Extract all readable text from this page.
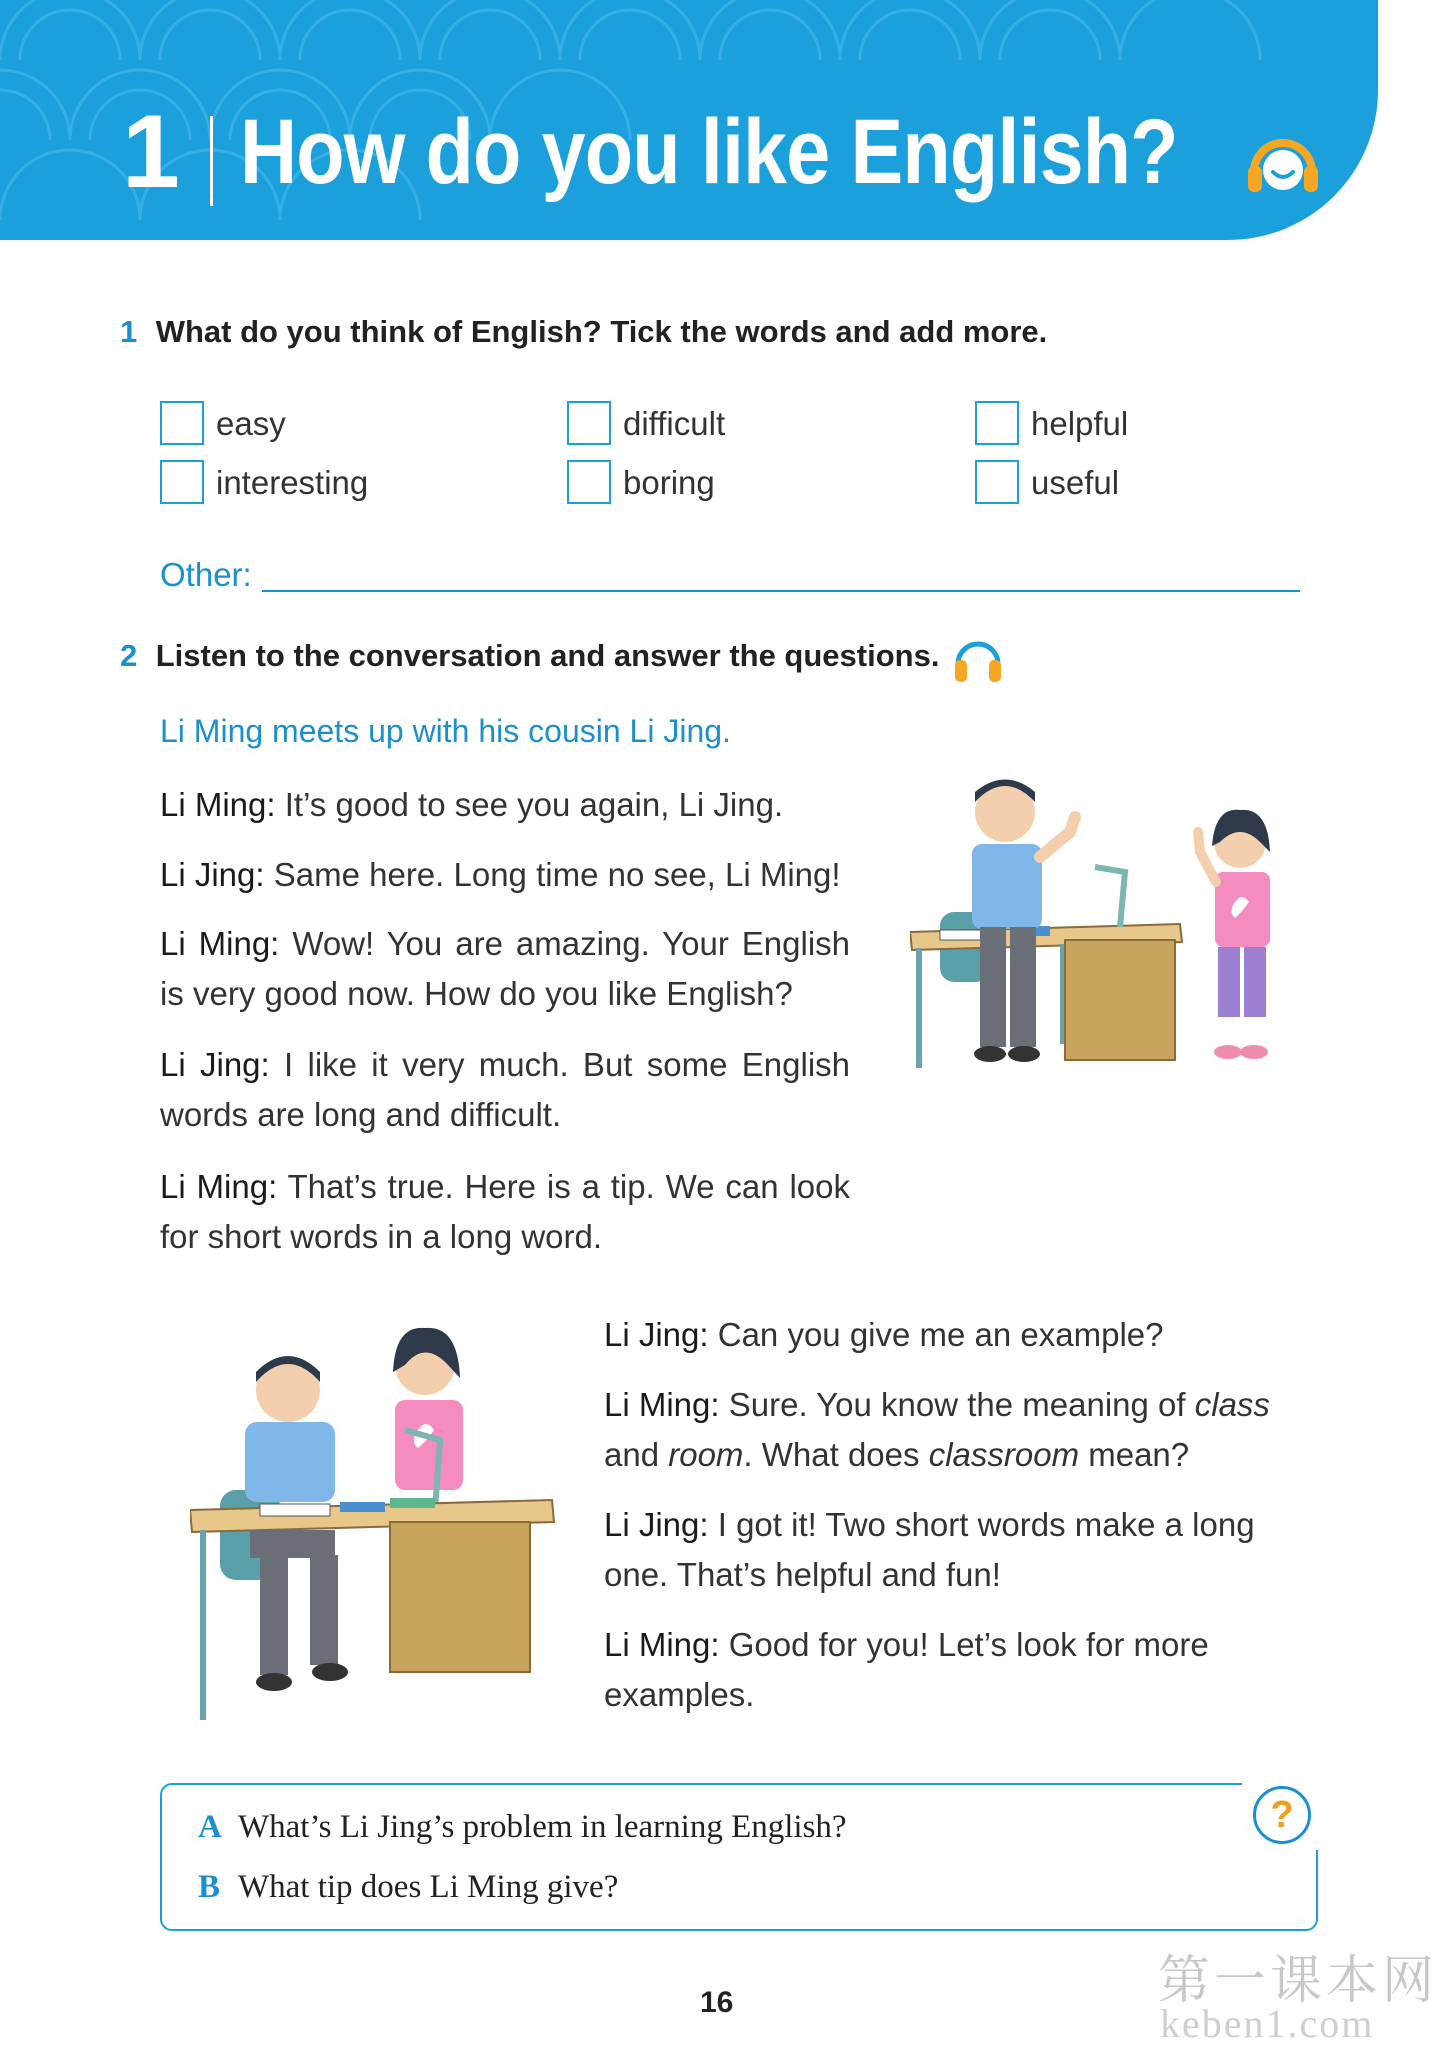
1 How do you like English?
1 What do you think of English? Tick the words and add more.
easy	difficult	helpful
interesting	boring	useful
Other:
2 Listen to the conversation and answer the questions.
Li Ming meets up with his cousin Li Jing.
Li Ming: It’s good to see you again, Li Jing.
Li Jing: Same here. Long time no see, Li Ming!
Li Ming: Wow! You are amazing. Your English is very good now. How do you like English?
Li Jing: I like it very much. But some English words are long and difficult.
Li Ming: That’s true. Here is a tip. We can look for short words in a long word.
Li Jing: Can you give me an example?
Li Ming: Sure. You know the meaning of class and room. What does classroom mean?
Li Jing: I got it! Two short words make a long one. That’s helpful and fun!
Li Ming: Good for you! Let’s look for more examples.
A What’s Li Jing’s problem in learning English?
B What tip does Li Ming give?
?
16	第一课本网
keben1.com
